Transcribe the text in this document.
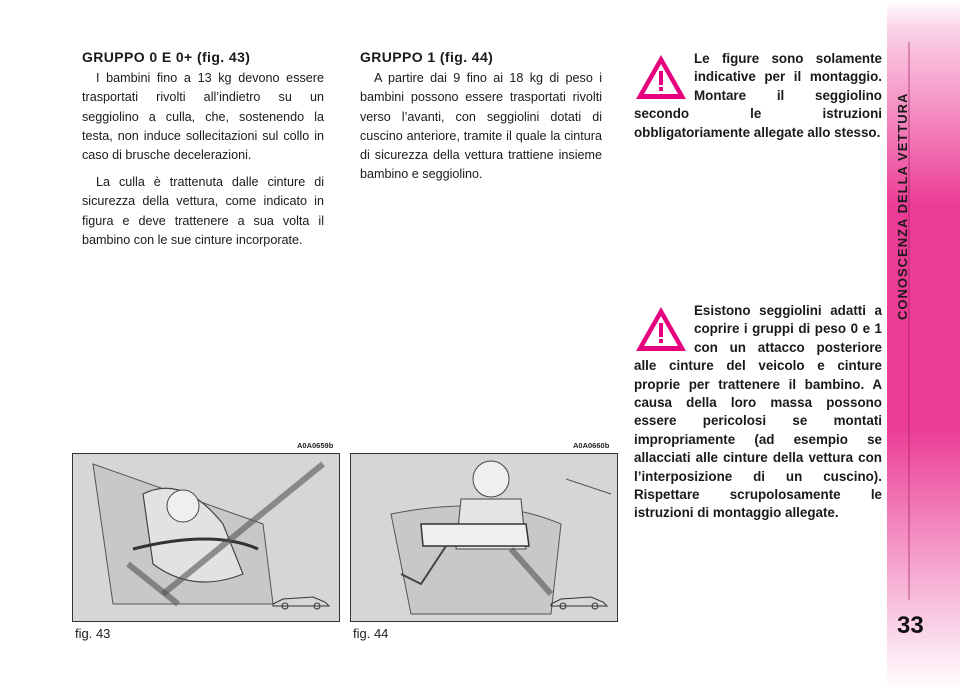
GRUPPO 0 E 0+ (fig. 43)

I bambini fino a 13 kg devono essere trasportati rivolti all’indietro su un seggiolino a culla, che, sostenendo la testa, non induce sollecitazioni sul collo in caso di brusche decelerazioni.

La culla è trattenuta dalle cinture di sicurezza della vettura, come indicato in figura e deve trattenere a sua volta il bambino con le sue cinture incorporate.

GRUPPO 1 (fig. 44)

A partire dai 9 fino ai 18 kg di peso i bambini possono essere trasportati rivolti verso l’avanti, con seggiolini dotati di cuscino anteriore, tramite il quale la cintura di sicurezza della vettura trattiene insieme bambino e seggiolino.

Le figure sono solamente indicative per il montaggio. Montare il seggiolino secondo le istruzioni obbligatoriamente allegate allo stesso.

Esistono seggiolini adatti a coprire i gruppi di peso 0 e 1 con un attacco posteriore alle cinture del veicolo e cinture proprie per trattenere il bambino. A causa della loro massa possono essere pericolosi se montati impropriamente (ad esempio se allacciati alle cinture della vettura con l’interposizione di un cuscino). Rispettare scrupolosamente le istruzioni di montaggio allegate.

A0A0659b
fig. 43
A0A0660b
fig. 44
CONOSCENZA DELLA VETTURA
33
